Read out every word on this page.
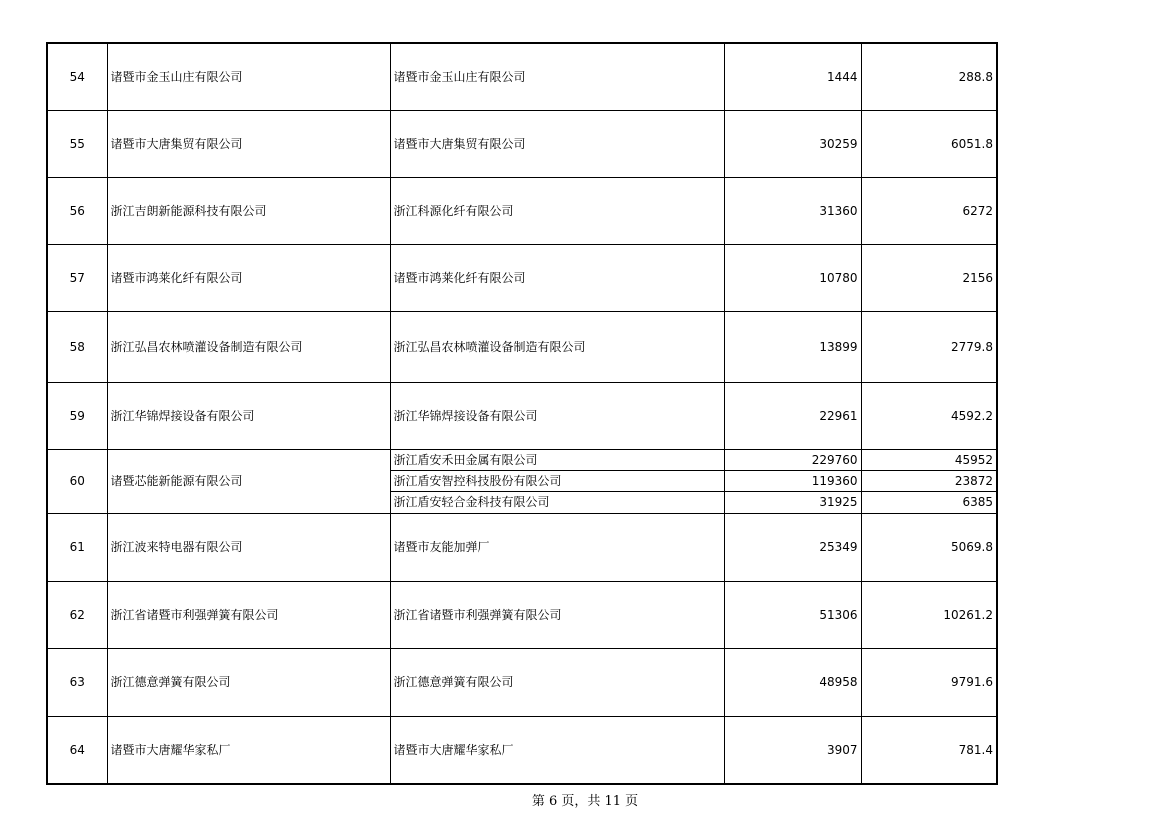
54	诸暨市金玉山庄有限公司	诸暨市金玉山庄有限公司	1444	288.8
55	诸暨市大唐集贸有限公司	诸暨市大唐集贸有限公司	30259	6051.8
56	浙江吉朗新能源科技有限公司	浙江科源化纤有限公司	31360	6272
57	诸暨市鸿莱化纤有限公司	诸暨市鸿莱化纤有限公司	10780	2156
58	浙江弘昌农林喷灌设备制造有限公司	浙江弘昌农林喷灌设备制造有限公司	13899	2779.8
59	浙江华锦焊接设备有限公司	浙江华锦焊接设备有限公司	22961	4592.2
60	诸暨芯能新能源有限公司	浙江盾安禾田金属有限公司	229760	45952
		浙江盾安智控科技股份有限公司	119360	23872
		浙江盾安轻合金科技有限公司	31925	6385
61	浙江波来特电器有限公司	诸暨市友能加弹厂	25349	5069.8
62	浙江省诸暨市利强弹簧有限公司	浙江省诸暨市利强弹簧有限公司	51306	10261.2
63	浙江德意弹簧有限公司	浙江德意弹簧有限公司	48958	9791.6
64	诸暨市大唐耀华家私厂	诸暨市大唐耀华家私厂	3907	781.4
第 6 页，共 11 页
